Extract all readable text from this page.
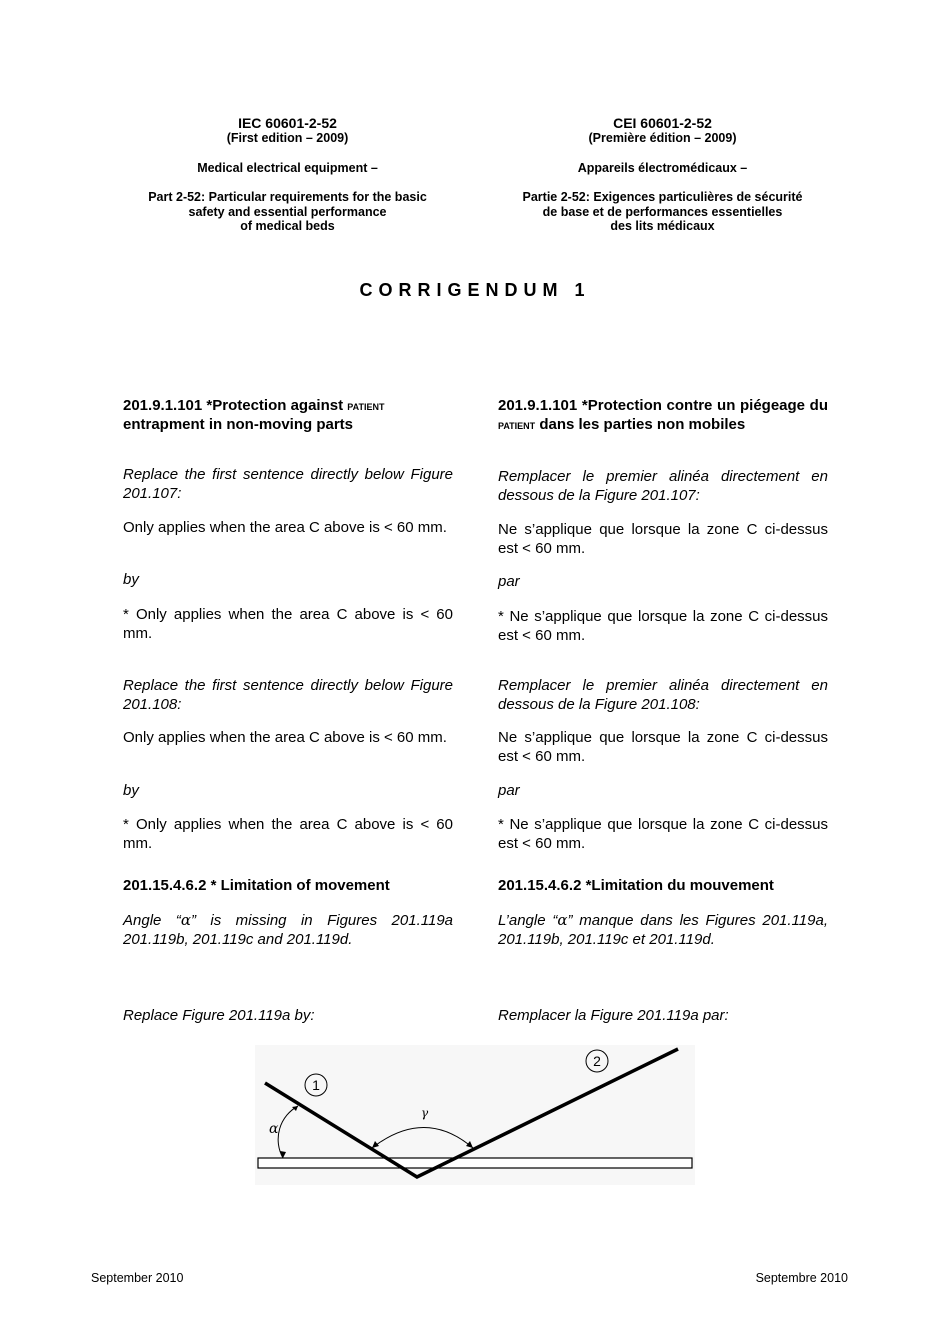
IEC 60601-2-52
(First edition – 2009)
Medical electrical equipment –
Part 2-52: Particular requirements for the basic
safety and essential performance
of medical beds
CEI 60601-2-52
(Première édition – 2009)
Appareils électromédicaux –
Partie 2-52: Exigences particulières de sécurité
de base et de performances essentielles
des lits médicaux
CORRIGENDUM 1
201.9.1.101 *Protection against patient
entrapment in non-moving parts
Replace the first sentence directly below Figure 201.107:
Only applies when the area C above is < 60 mm.
by
* Only applies when the area C above is < 60 mm.
Replace the first sentence directly below Figure 201.108:
Only applies when the area C above is < 60 mm.
by
* Only applies when the area C above is < 60 mm.
201.15.4.6.2 * Limitation of movement
Angle “α” is missing in Figures 201.119a 201.119b, 201.119c and 201.119d.
Replace Figure 201.119a by:
201.9.1.101 *Protection contre un piégeage du patient dans les parties non mobiles
Remplacer le premier alinéa directement en dessous de la Figure 201.107:
Ne s’applique que lorsque la zone C ci-dessus est < 60 mm.
par
* Ne s’applique que lorsque la zone C ci-dessus est < 60 mm.
Remplacer le premier alinéa directement en dessous de la Figure 201.108:
Ne s’applique que lorsque la zone C ci-dessus est < 60 mm.
par
* Ne s’applique que lorsque la zone C ci-dessus est < 60 mm.
201.15.4.6.2 *Limitation du mouvement
L’angle “α” manque dans les Figures 201.119a, 201.119b, 201.119c et 201.119d.
Remplacer la Figure 201.119a par:
α
γ
1
2
September 2010	Septembre 2010
